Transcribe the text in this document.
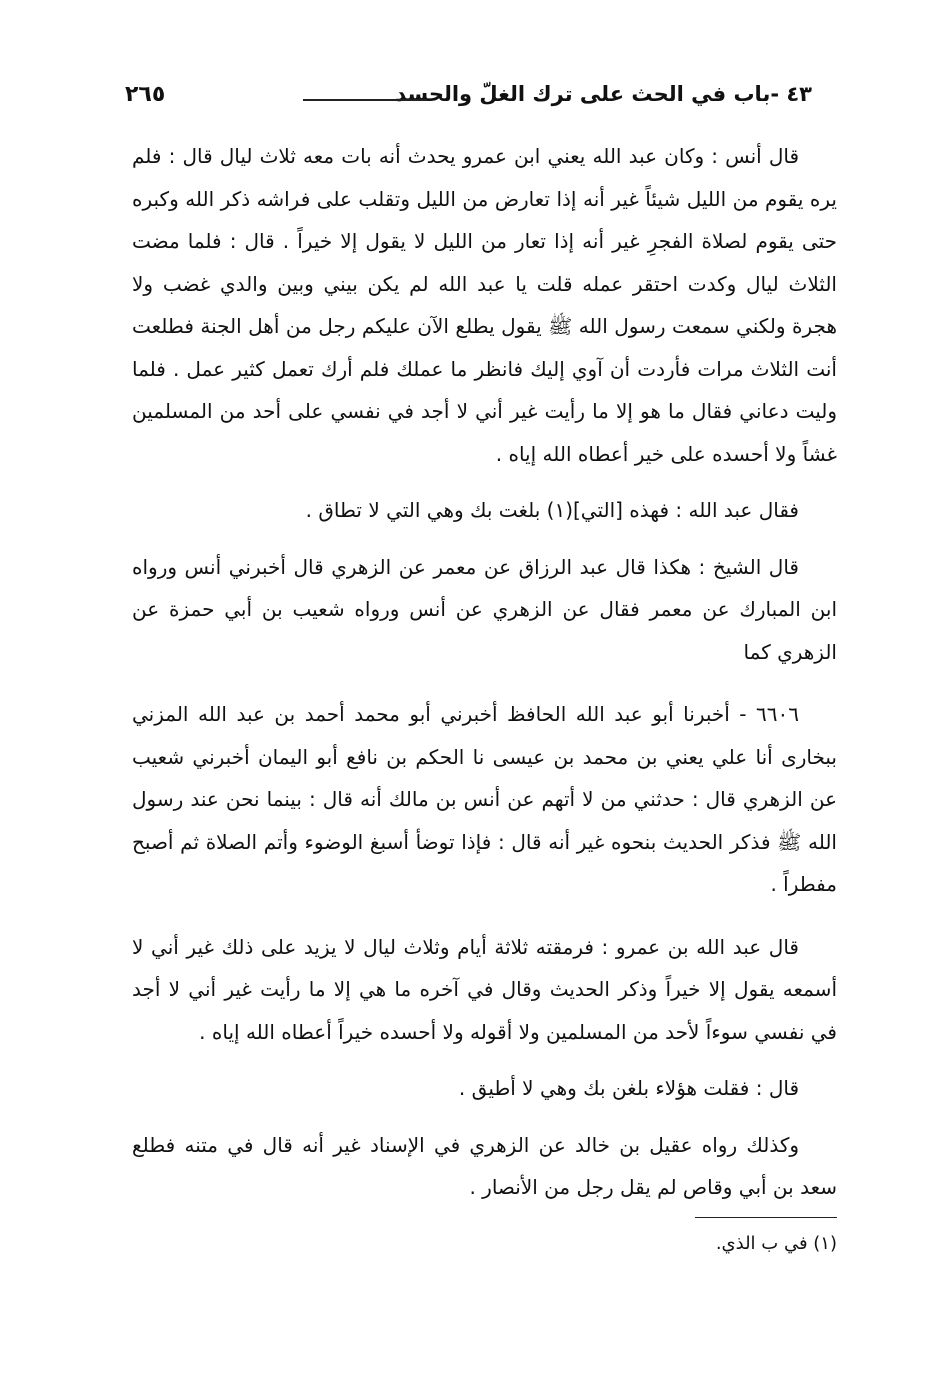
٤٣ -باب في الحث على ترك الغلّ والحسد
٢٦٥

قال أنس : وكان عبد الله يعني ابن عمرو يحدث أنه بات معه ثلاث ليال قال : فلم يره يقوم من الليل شيئاً غير أنه إذا تعارض من الليل وتقلب على فراشه ذكر الله وكبره حتى يقوم لصلاة الفجرِ غير أنه إذا تعار من الليل لا يقول إلا خيراً . قال : فلما مضت الثلاث ليال وكدت احتقر عمله قلت يا عبد الله لم يكن بيني وبين والدي غضب ولا هجرة ولكني سمعت رسول الله ﷺ يقول يطلع الآن عليكم رجل من أهل الجنة فطلعت أنت الثلاث مرات فأردت أن آوي إليك فانظر ما عملك فلم أرك تعمل كثير عمل . فلما وليت دعاني فقال ما هو إلا ما رأيت غير أني لا أجد في نفسي على أحد من المسلمين غشاً ولا أحسده على خير أعطاه الله إياه .

فقال عبد الله : فهذه [التي](١) بلغت بك وهي التي لا تطاق .

قال الشيخ : هكذا قال عبد الرزاق عن معمر عن الزهري قال أخبرني أنس ورواه ابن المبارك عن معمر فقال عن الزهري عن أنس ورواه شعيب بن أبي حمزة عن الزهري كما

٦٦٠٦ - أخبرنا أبو عبد الله الحافظ أخبرني أبو محمد أحمد بن عبد الله المزني ببخارى أنا علي يعني بن محمد بن عيسى نا الحكم بن نافع أبو اليمان أخبرني شعيب عن الزهري قال : حدثني من لا أتهم عن أنس بن مالك أنه قال : بينما نحن عند رسول الله ﷺ فذكر الحديث بنحوه غير أنه قال : فإذا توضأ أسبغ الوضوء وأتم الصلاة ثم أصبح مفطراً .

قال عبد الله بن عمرو : فرمقته ثلاثة أيام وثلاث ليال لا يزيد على ذلك غير أني لا أسمعه يقول إلا خيراً وذكر الحديث وقال في آخره ما هي إلا ما رأيت غير أني لا أجد في نفسي سوءاً لأحد من المسلمين ولا أقوله ولا أحسده خيراً أعطاه الله إياه .

قال : فقلت هؤلاء بلغن بك وهي لا أطيق .

وكذلك رواه عقيل بن خالد عن الزهري في الإسناد غير أنه قال في متنه فطلع سعد بن أبي وقاص لم يقل رجل من الأنصار .

(١) في ب الذي.
